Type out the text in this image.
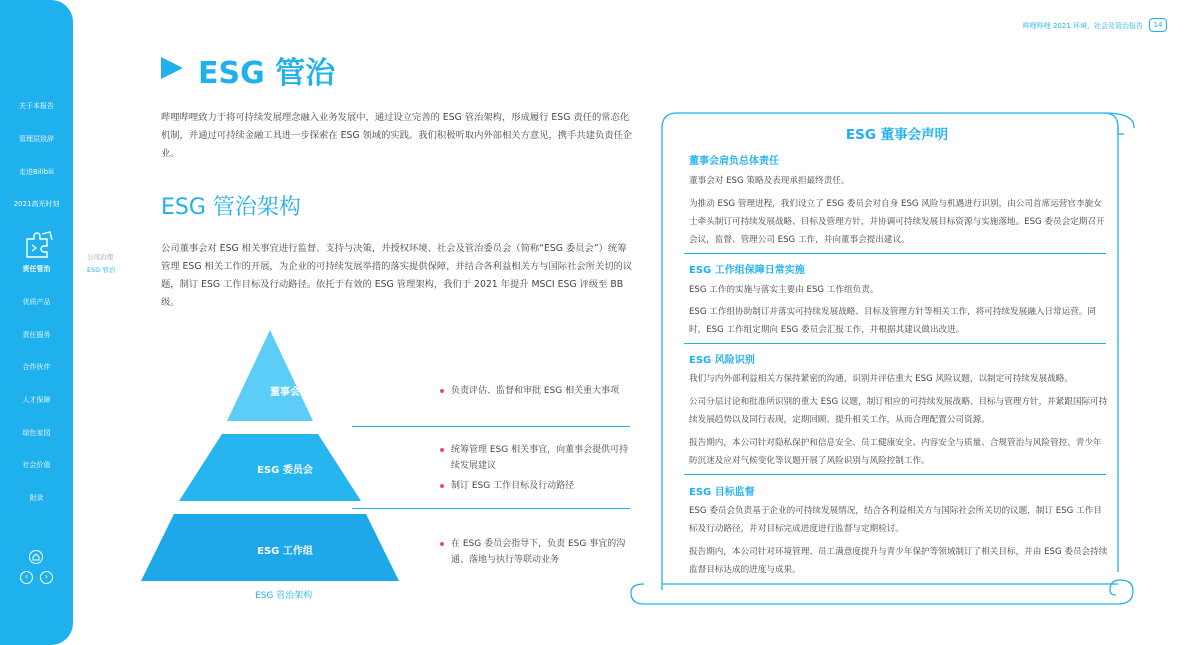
关于本报告
管理层致辞
走进Bilibili
2021高光时刻
责任管治
优质产品
责任服务
合作伙伴
人才保障
绿色家园
社会价值
附录
‹	›
公司治理
ESG 管治
哔哩哔哩 2021 环境、社会及管治报告	14
ESG 管治
哔哩哔哩致力于将可持续发展理念融入业务发展中，通过设立完善的 ESG 管治架构，形成履行 ESG 责任的常态化机制，并通过可持续金融工具进一步探索在 ESG 领域的实践。我们积极听取内外部相关方意见，携手共建负责任企业。
ESG 管治架构
公司董事会对 ESG 相关事宜进行监督、支持与决策，并授权环境、社会及管治委员会（简称“ESG 委员会”）统筹管理 ESG 相关工作的开展，为企业的可持续发展举措的落实提供保障，并结合各利益相关方与国际社会所关切的议题，制订 ESG 工作目标及行动路径。依托于有效的 ESG 管理架构，我们于 2021 年提升 MSCI ESG 评级至 BB 级。
董事会
ESG 委员会
ESG 工作组
ESG 管治架构
负责评估、监督和审批 ESG 相关重大事项
统筹管理 ESG 相关事宜，向董事会提供可持续发展建议
制订 ESG 工作目标及行动路径
在 ESG 委员会指导下，负责 ESG 事宜的沟通、落地与执行等联动业务
ESG 董事会声明
董事会肩负总体责任
董事会对 ESG 策略及表现承担最终责任。
为推动 ESG 管理进程，我们设立了 ESG 委员会对自身 ESG 风险与机遇进行识别，由公司首席运营官李旎女士牵头制订可持续发展战略、目标及管理方针，并协调可持续发展目标资源与实施落地。ESG 委员会定期召开会议，监督、管理公司 ESG 工作，并向董事会提出建议。
ESG 工作组保障日常实施
ESG 工作的实施与落实主要由 ESG 工作组负责。
ESG 工作组协助制订并落实可持续发展战略、目标及管理方针等相关工作，将可持续发展融入日常运营。同时，ESG 工作组定期向 ESG 委员会汇报工作，并根据其建议做出改进。
ESG 风险识别
我们与内外部利益相关方保持紧密的沟通，识别并评估重大 ESG 风险议题，以制定可持续发展战略。
公司分层讨论和批准所识别的重大 ESG 议题，制订相应的可持续发展战略、目标与管理方针，并紧跟国际可持续发展趋势以及同行表现，定期回顾、提升相关工作，从而合理配置公司资源。
报告期内，本公司针对隐私保护和信息安全、员工健康安全、内容安全与质量、合规管治与风险管控、青少年防沉迷及应对气候变化等议题开展了风险识别与风险控制工作。
ESG 目标监督
ESG 委员会负责基于企业的可持续发展情况，结合各利益相关方与国际社会所关切的议题，制订 ESG 工作目标及行动路径，并对目标完成进度进行监督与定期检讨。
报告期内，本公司针对环境管理、员工满意度提升与青少年保护等领域制订了相关目标，并由 ESG 委员会持续监督目标达成的进度与成果。
